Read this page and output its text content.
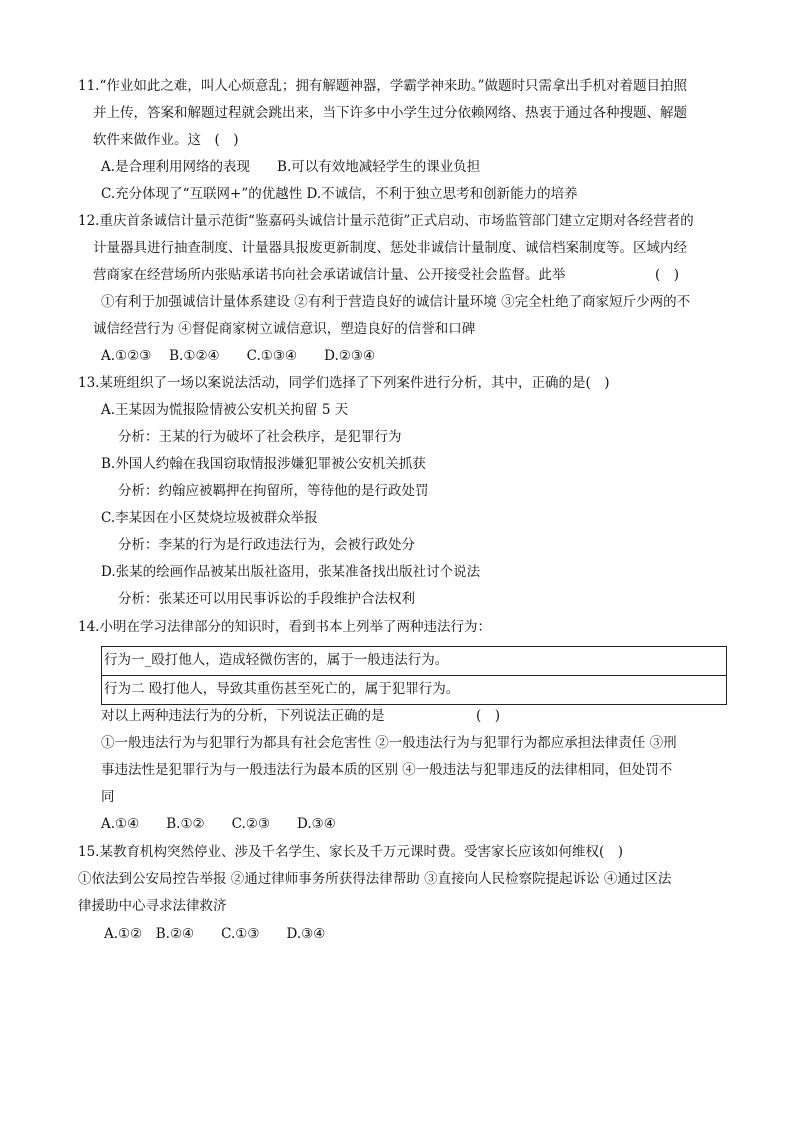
11.“作业如此之难，叫人心烦意乱；拥有解题神器，学霸学神来助。”做题时只需拿出手机对着题目拍照
并上传，答案和解题过程就会跳出来，当下许多中小学生过分依赖网络、热衷于通过各种搜题、解题
软件来做作业。这　(　)
A.是合理利用网络的表现　　B.可以有效地减轻学生的课业负担
C.充分体现了“互联网+”的优越性 D.不诚信，不利于独立思考和创新能力的培养
12.重庆首条诚信计量示范街“鉴嘉码头诚信计量示范街”正式启动、市场监管部门建立定期对各经营者的
计量器具进行抽查制度、计量器具报废更新制度、惩处非诚信计量制度、诚信档案制度等。区域内经
营商家在经营场所内张贴承诺书向社会承诺诚信计量、公开接受社会监督。此举	(　)
①有利于加强诚信计量体系建设 ②有利于营造良好的诚信计量环境 ③完全杜绝了商家短斤少两的不
诚信经营行为 ④督促商家树立诚信意识，塑造良好的信誉和口碑
A.①②③　 B.①②④　　C.①③④　　D.②③④
13.某班组织了一场以案说法活动，同学们选择了下列案件进行分析，其中，正确的是(　)
A.王某因为慌报险情被公安机关拘留 5 天
分析：王某的行为破坏了社会秩序，是犯罪行为
B.外国人约翰在我国窃取情报涉嫌犯罪被公安机关抓获
分析：约翰应被羁押在拘留所，等待他的是行政处罚
C.李某因在小区焚烧垃圾被群众举报
分析：李某的行为是行政违法行为，会被行政处分
D.张某的绘画作品被某出版社盗用，张某准备找出版社讨个说法
分析：张某还可以用民事诉讼的手段维护合法权利
14.小明在学习法律部分的知识时，看到书本上列举了两种违法行为：
行为一_殴打他人，造成轻微伤害的，属于一般违法行为。
行为二 殴打他人，导致其重伤甚至死亡的，属于犯罪行为。
对以上两种违法行为的分析，下列说法正确的是	(　)
①一般违法行为与犯罪行为都具有社会危害性 ②一般违法行为与犯罪行为都应承担法律责任 ③刑
事违法性是犯罪行为与一般违法行为最本质的区别 ④一般违法与犯罪违反的法律相同，但处罚不
同
A.①④　　B.①②　　C.②③　　D.③④
15.某教育机构突然停业、涉及千名学生、家长及千万元课时费。受害家长应该如何维权(　)
①依法到公安局控告举报 ②通过律师事务所获得法律帮助 ③直接向人民检察院提起诉讼 ④通过区法
律援助中心寻求法律救济
A.①②　B.②④　　C.①③　　D.③④
